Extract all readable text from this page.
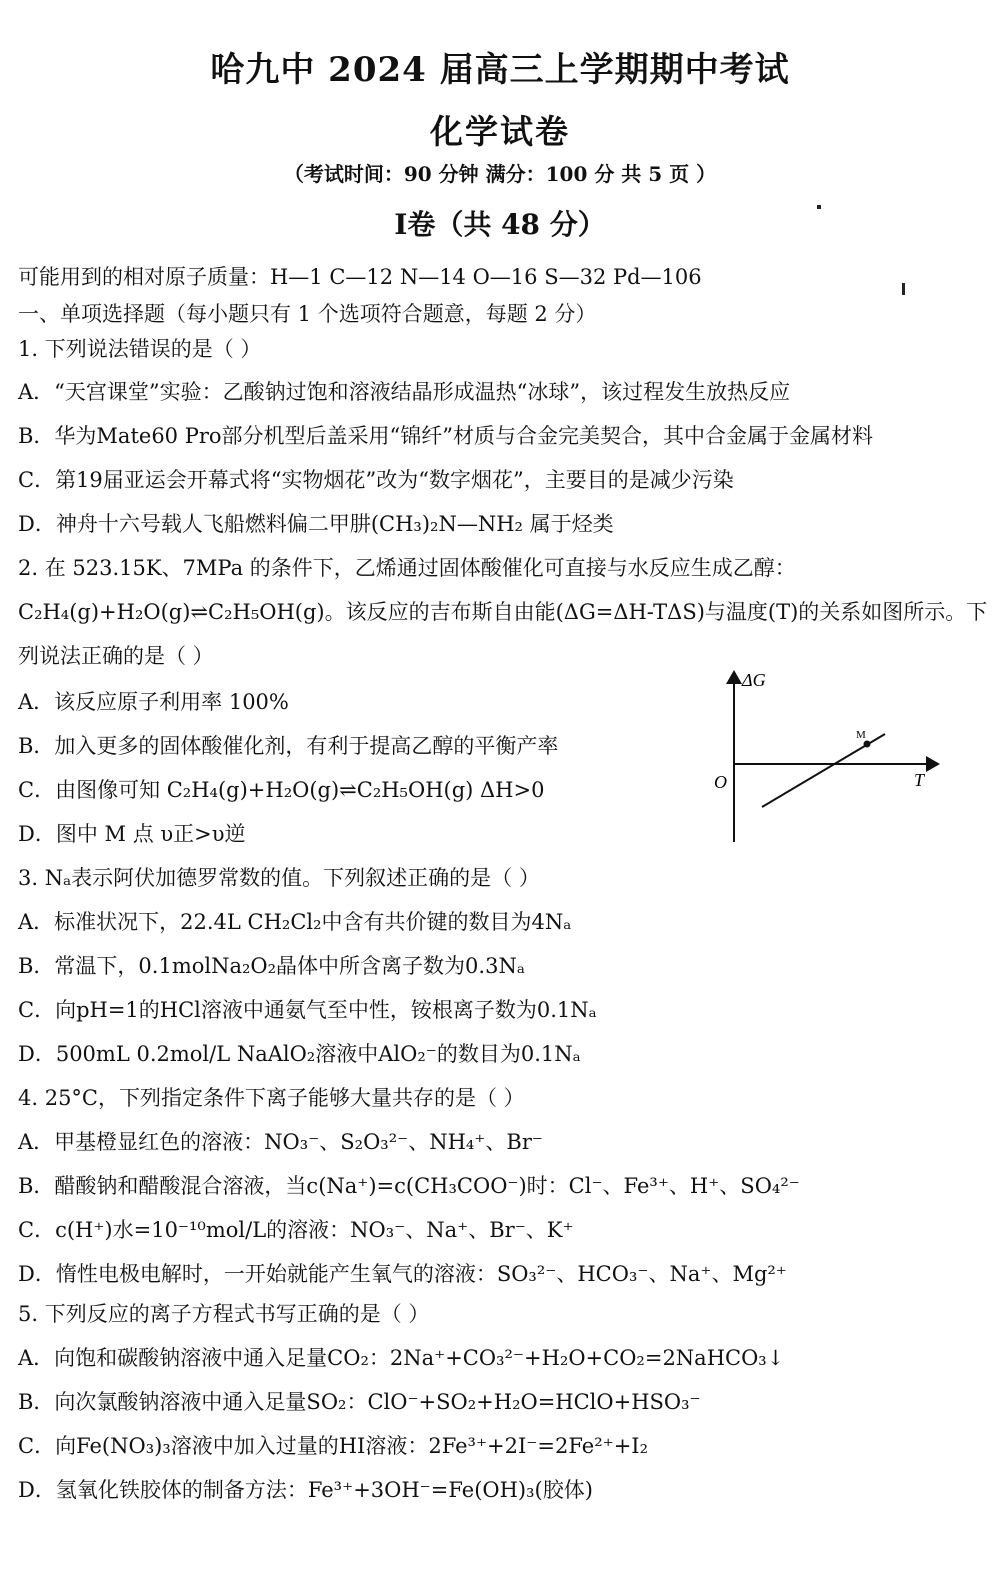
哈九中 2024 届高三上学期期中考试
化学试卷
（考试时间：90 分钟 满分：100 分 共 5 页 ）
I卷（共 48 分）
可能用到的相对原子质量：H—1 C—12 N—14 O—16 S—32 Pd—106
一、单项选择题（每小题只有 1 个选项符合题意，每题 2 分）
1. 下列说法错误的是（ ）
A．“天宫课堂”实验：乙酸钠过饱和溶液结晶形成温热“冰球”，该过程发生放热反应
B．华为Mate60 Pro部分机型后盖采用“锦纤”材质与合金完美契合，其中合金属于金属材料
C．第19届亚运会开幕式将“实物烟花”改为“数字烟花”，主要目的是减少污染
D．神舟十六号载人飞船燃料偏二甲肼(CH₃)₂N—NH₂ 属于烃类
2. 在 523.15K、7MPa 的条件下，乙烯通过固体酸催化可直接与水反应生成乙醇：
C₂H₄(g)+H₂O(g)⇌C₂H₅OH(g)。该反应的吉布斯自由能(ΔG=ΔH-TΔS)与温度(T)的关系如图所示。下
列说法正确的是（ ）
A．该反应原子利用率 100%
B．加入更多的固体酸催化剂，有利于提高乙醇的平衡产率
C．由图像可知 C₂H₄(g)+H₂O(g)⇌C₂H₅OH(g) ΔH>0
D．图中 M 点 υ正>υ逆
ΔG
T
O
M
3. Nₐ表示阿伏加德罗常数的值。下列叙述正确的是（ ）
A．标准状况下，22.4L CH₂Cl₂中含有共价键的数目为4Nₐ
B．常温下，0.1molNa₂O₂晶体中所含离子数为0.3Nₐ
C．向pH=1的HCl溶液中通氨气至中性，铵根离子数为0.1Nₐ
D．500mL 0.2mol/L NaAlO₂溶液中AlO₂⁻的数目为0.1Nₐ
4. 25°C，下列指定条件下离子能够大量共存的是（ ）
A．甲基橙显红色的溶液：NO₃⁻、S₂O₃²⁻、NH₄⁺、Br⁻
B．醋酸钠和醋酸混合溶液，当c(Na⁺)=c(CH₃COO⁻)时：Cl⁻、Fe³⁺、H⁺、SO₄²⁻
C．c(H⁺)水=10⁻¹⁰mol/L的溶液：NO₃⁻、Na⁺、Br⁻、K⁺
D．惰性电极电解时，一开始就能产生氧气的溶液：SO₃²⁻、HCO₃⁻、Na⁺、Mg²⁺
5. 下列反应的离子方程式书写正确的是（ ）
A．向饱和碳酸钠溶液中通入足量CO₂：2Na⁺+CO₃²⁻+H₂O+CO₂=2NaHCO₃↓
B．向次氯酸钠溶液中通入足量SO₂：ClO⁻+SO₂+H₂O=HClO+HSO₃⁻
C．向Fe(NO₃)₃溶液中加入过量的HI溶液：2Fe³⁺+2I⁻=2Fe²⁺+I₂
D．氢氧化铁胶体的制备方法：Fe³⁺+3OH⁻=Fe(OH)₃(胶体)
